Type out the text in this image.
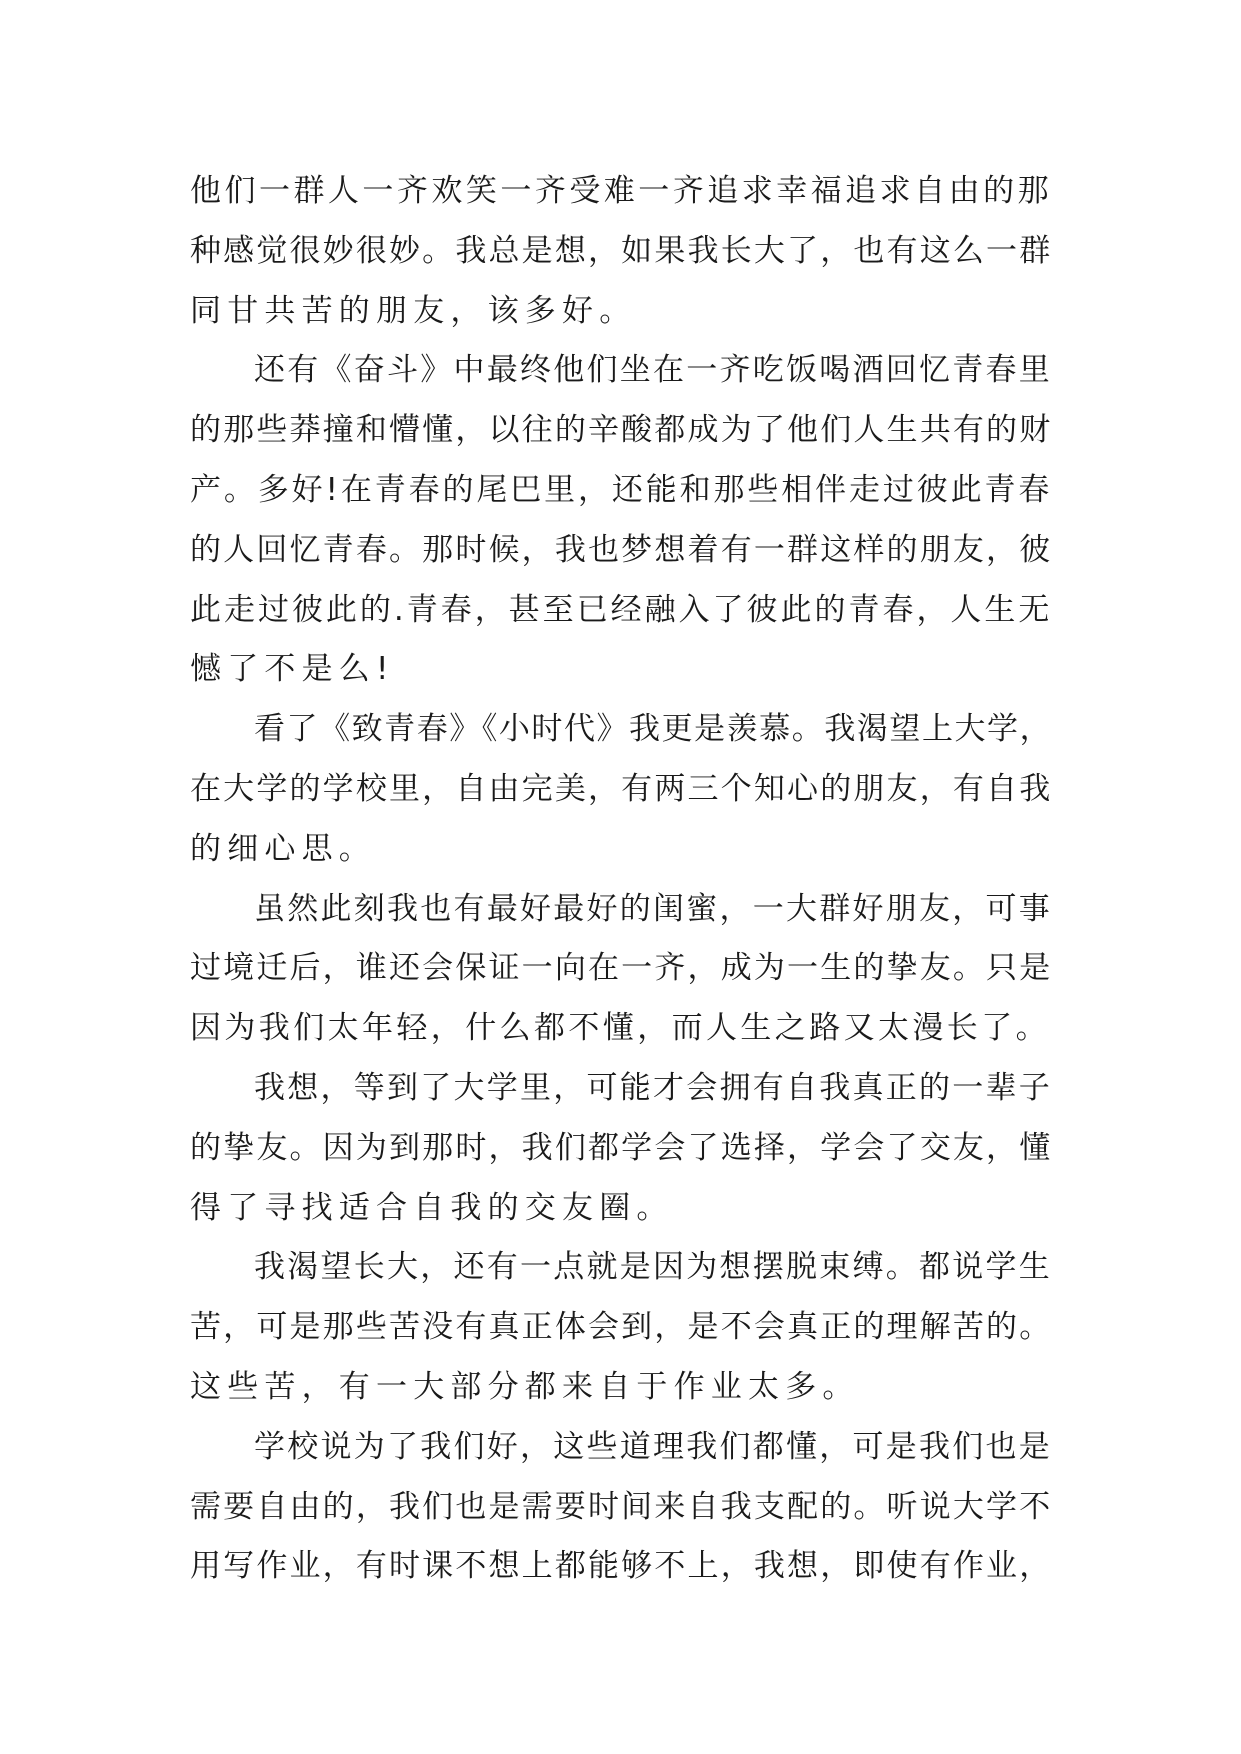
他们一群人一齐欢笑一齐受难一齐追求幸福追求自由的那
种感觉很妙很妙。我总是想，如果我长大了，也有这么一群
同甘共苦的朋友，该多好。
还有《奋斗》中最终他们坐在一齐吃饭喝酒回忆青春里
的那些莽撞和懵懂，以往的辛酸都成为了他们人生共有的财
产。多好!在青春的尾巴里，还能和那些相伴走过彼此青春
的人回忆青春。那时候，我也梦想着有一群这样的朋友，彼
此走过彼此的.青春，甚至已经融入了彼此的青春，人生无
憾了不是么!
看了《致青春》《小时代》我更是羡慕。我渴望上大学，
在大学的学校里，自由完美，有两三个知心的朋友，有自我
的细心思。
虽然此刻我也有最好最好的闺蜜，一大群好朋友，可事
过境迁后，谁还会保证一向在一齐，成为一生的挚友。只是
因为我们太年轻，什么都不懂，而人生之路又太漫长了。
我想，等到了大学里，可能才会拥有自我真正的一辈子
的挚友。因为到那时，我们都学会了选择，学会了交友，懂
得了寻找适合自我的交友圈。
我渴望长大，还有一点就是因为想摆脱束缚。都说学生
苦，可是那些苦没有真正体会到，是不会真正的理解苦的。
这些苦，有一大部分都来自于作业太多。
学校说为了我们好，这些道理我们都懂，可是我们也是
需要自由的，我们也是需要时间来自我支配的。听说大学不
用写作业，有时课不想上都能够不上，我想，即使有作业，
